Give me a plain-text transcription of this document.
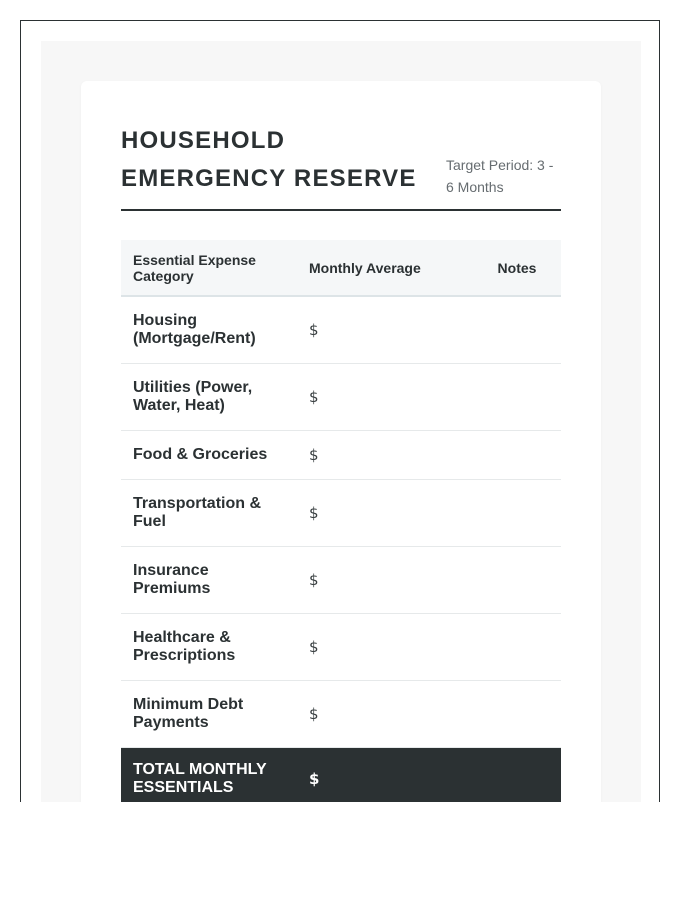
HOUSEHOLD EMERGENCY RESERVE	Target Period: 3 - 6 Months
Essential Expense Category	Monthly Average	Notes
Housing (Mortgage/Rent)	$	
Utilities (Power, Water, Heat)	$	
Food & Groceries	$	
Transportation & Fuel	$	
Insurance Premiums	$	
Healthcare & Prescriptions	$	
Minimum Debt Payments	$	
TOTAL MONTHLY ESSENTIALS	$	
